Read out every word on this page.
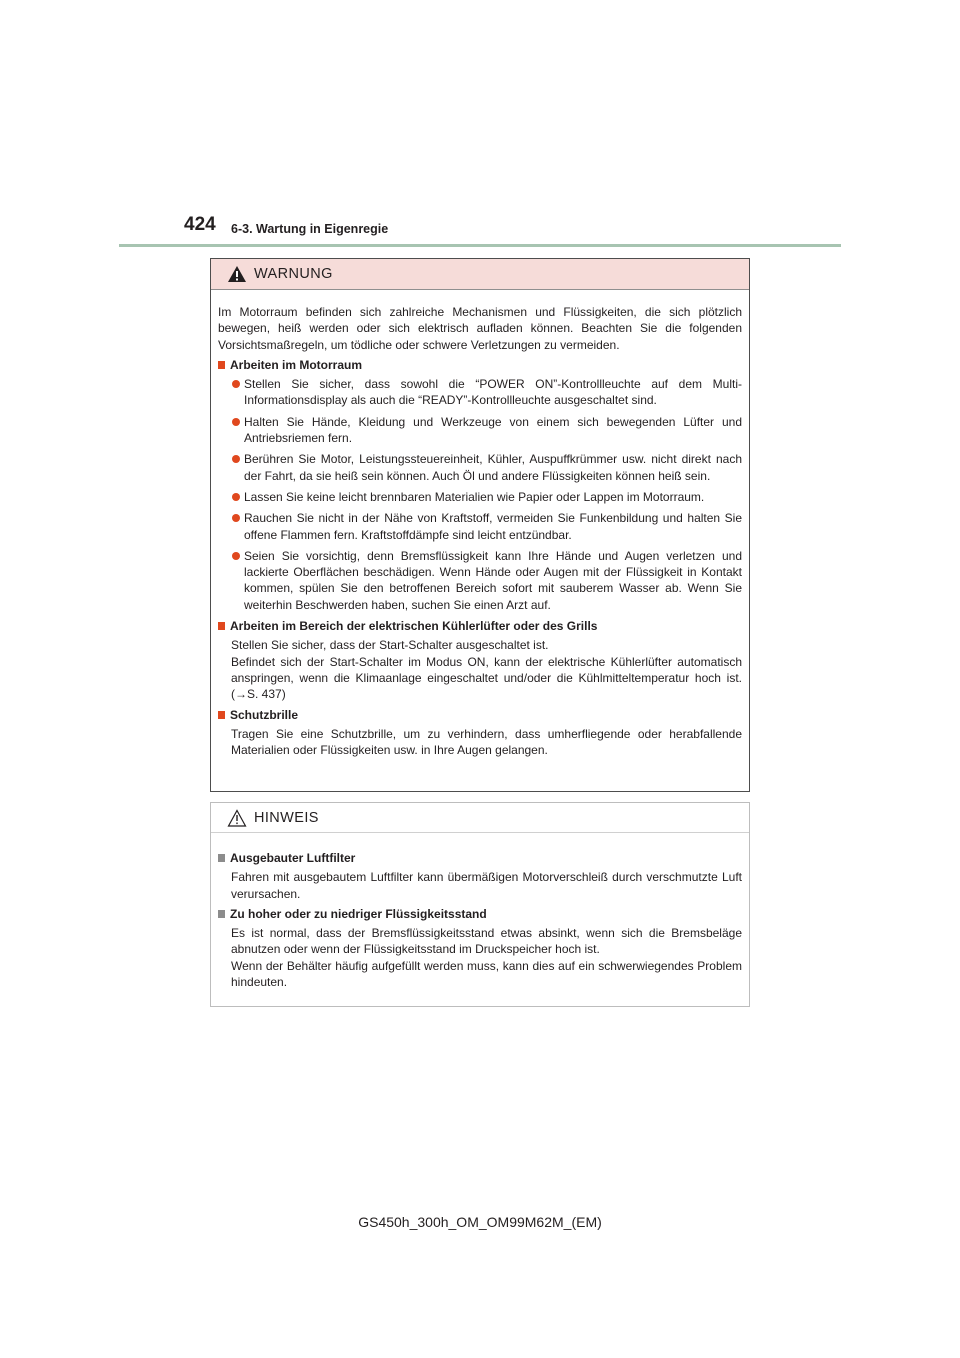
424 6-3. Wartung in Eigenregie
WARNUNG

Im Motorraum befinden sich zahlreiche Mechanismen und Flüssigkeiten, die sich plötzlich bewegen, heiß werden oder sich elektrisch aufladen können. Beachten Sie die folgenden Vorsichtsmaßregeln, um tödliche oder schwere Verletzungen zu vermeiden.

Arbeiten im Motorraum
Stellen Sie sicher, dass sowohl die “POWER ON”-Kontrollleuchte auf dem Multi-Informationsdisplay als auch die “READY”-Kontrollleuchte ausgeschaltet sind.
Halten Sie Hände, Kleidung und Werkzeuge von einem sich bewegenden Lüfter und Antriebsriemen fern.
Berühren Sie Motor, Leistungssteuereinheit, Kühler, Auspuffkrümmer usw. nicht direkt nach der Fahrt, da sie heiß sein können. Auch Öl und andere Flüssigkeiten können heiß sein.
Lassen Sie keine leicht brennbaren Materialien wie Papier oder Lappen im Motorraum.
Rauchen Sie nicht in der Nähe von Kraftstoff, vermeiden Sie Funkenbildung und halten Sie offene Flammen fern. Kraftstoffdämpfe sind leicht entzündbar.
Seien Sie vorsichtig, denn Bremsflüssigkeit kann Ihre Hände und Augen verletzen und lackierte Oberflächen beschädigen. Wenn Hände oder Augen mit der Flüssigkeit in Kontakt kommen, spülen Sie den betroffenen Bereich sofort mit sauberem Wasser ab. Wenn Sie weiterhin Beschwerden haben, suchen Sie einen Arzt auf.
Arbeiten im Bereich der elektrischen Kühlerlüfter oder des Grills
Stellen Sie sicher, dass der Start-Schalter ausgeschaltet ist.
Befindet sich der Start-Schalter im Modus ON, kann der elektrische Kühlerlüfter automatisch anspringen, wenn die Klimaanlage eingeschaltet und/oder die Kühlmitteltemperatur hoch ist. (→S. 437)
Schutzbrille
Tragen Sie eine Schutzbrille, um zu verhindern, dass umherfliegende oder herabfallende Materialien oder Flüssigkeiten usw. in Ihre Augen gelangen.
HINWEIS
Ausgebauter Luftfilter
Fahren mit ausgebautem Luftfilter kann übermäßigen Motorverschleiß durch verschmutzte Luft verursachen.
Zu hoher oder zu niedriger Flüssigkeitsstand
Es ist normal, dass der Bremsflüssigkeitsstand etwas absinkt, wenn sich die Bremsbeläge abnutzen oder wenn der Flüssigkeitsstand im Druckspeicher hoch ist.
Wenn der Behälter häufig aufgefüllt werden muss, kann dies auf ein schwerwiegendes Problem hindeuten.
GS450h_300h_OM_OM99M62M_(EM)
